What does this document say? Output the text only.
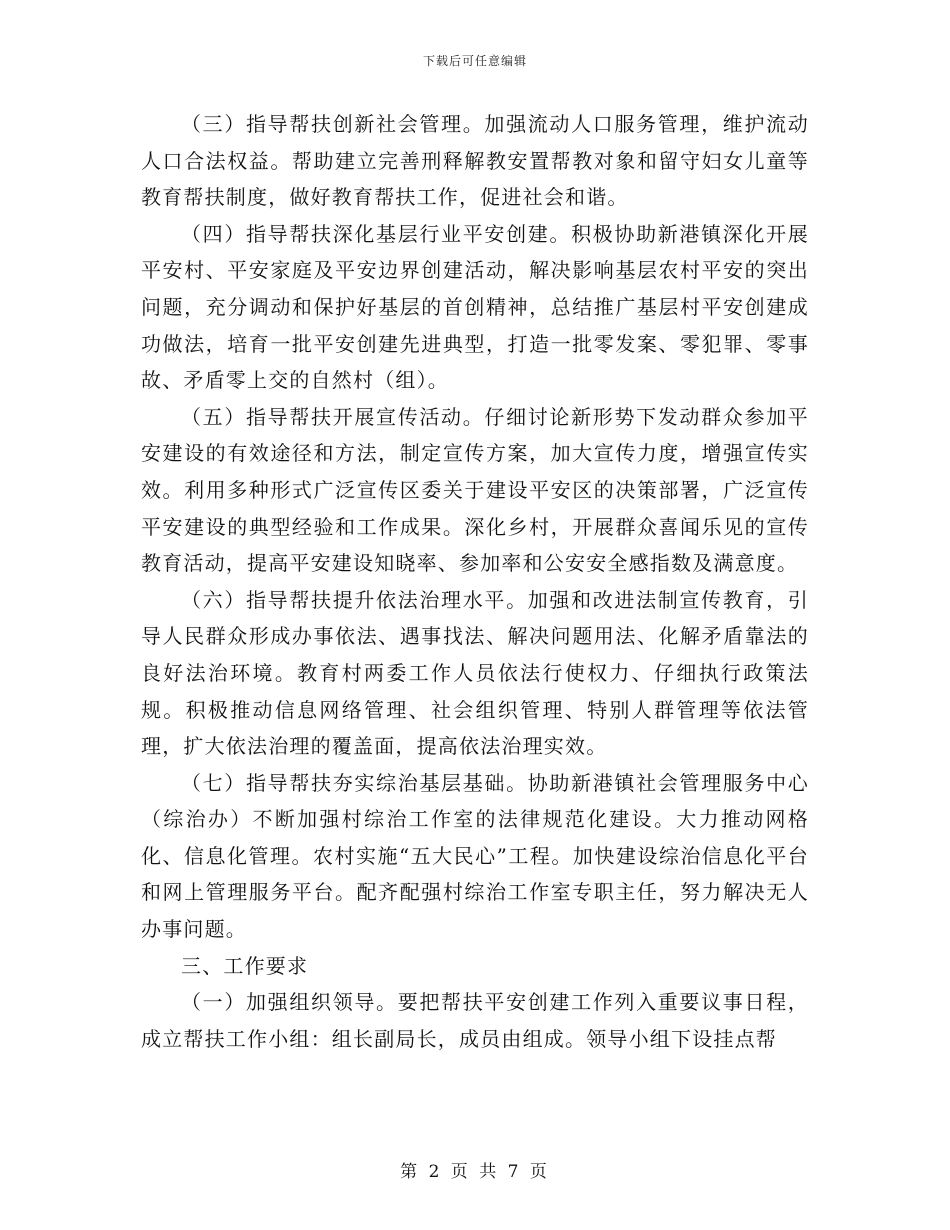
下载后可任意编辑

（三）指导帮扶创新社会管理。加强流动人口服务管理，维护流动人口合法权益。帮助建立完善刑释解教安置帮教对象和留守妇女儿童等教育帮扶制度，做好教育帮扶工作，促进社会和谐。

（四）指导帮扶深化基层行业平安创建。积极协助新港镇深化开展平安村、平安家庭及平安边界创建活动，解决影响基层农村平安的突出问题，充分调动和保护好基层的首创精神，总结推广基层村平安创建成功做法，培育一批平安创建先进典型，打造一批零发案、零犯罪、零事故、矛盾零上交的自然村（组）。

（五）指导帮扶开展宣传活动。仔细讨论新形势下发动群众参加平安建设的有效途径和方法，制定宣传方案，加大宣传力度，增强宣传实效。利用多种形式广泛宣传区委关于建设平安区的决策部署，广泛宣传平安建设的典型经验和工作成果。深化乡村，开展群众喜闻乐见的宣传教育活动，提高平安建设知晓率、参加率和公安安全感指数及满意度。

（六）指导帮扶提升依法治理水平。加强和改进法制宣传教育，引导人民群众形成办事依法、遇事找法、解决问题用法、化解矛盾靠法的良好法治环境。教育村两委工作人员依法行使权力、仔细执行政策法规。积极推动信息网络管理、社会组织管理、特别人群管理等依法管理，扩大依法治理的覆盖面，提高依法治理实效。

（七）指导帮扶夯实综治基层基础。协助新港镇社会管理服务中心（综治办）不断加强村综治工作室的法律规范化建设。大力推动网格化、信息化管理。农村实施“五大民心”工程。加快建设综治信息化平台和网上管理服务平台。配齐配强村综治工作室专职主任，努力解决无人办事问题。

三、工作要求

（一）加强组织领导。要把帮扶平安创建工作列入重要议事日程，成立帮扶工作小组：组长副局长，成员由组成。领导小组下设挂点帮

第 2 页 共 7 页
